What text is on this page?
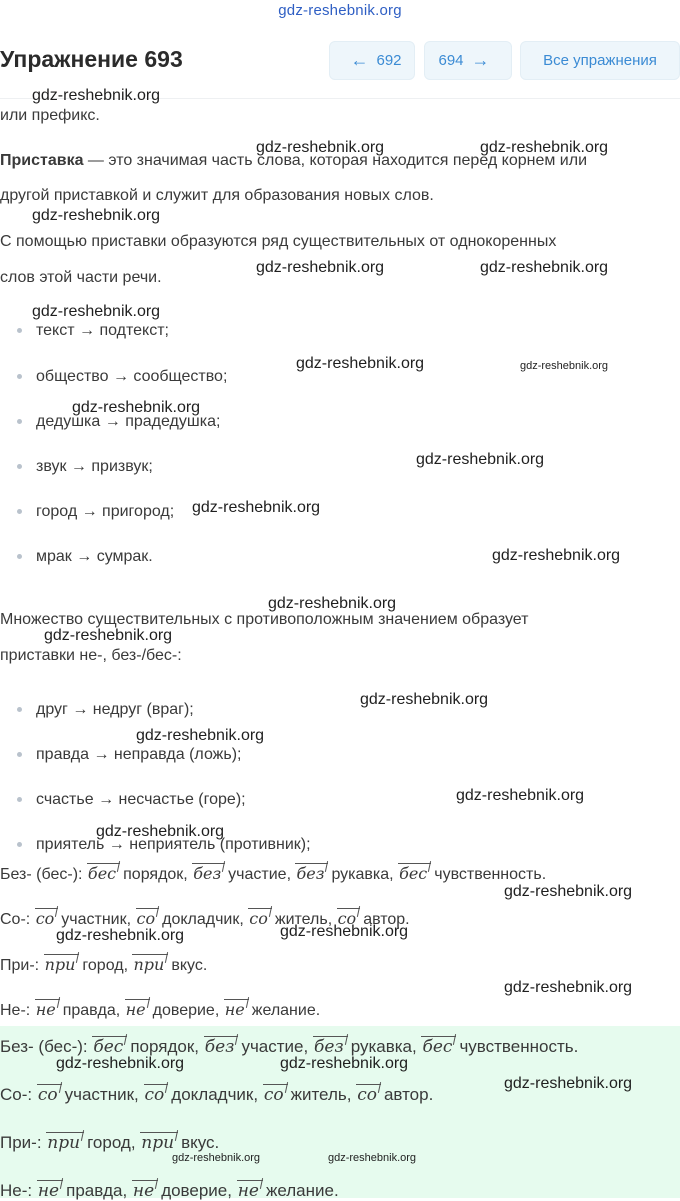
gdz-reshebnik.org
Упражнение 693	← 692 694 →	Все упражнения
или префикс.
Приставка — это значимая часть слова, которая находится перед корнем или
другой приставкой и служит для образования новых слов.
С помощью приставки образуются ряд существительных от однокоренных
слов этой части речи.
текст → подтекст;
общество → сообщество;
дедушка → прадедушка;
звук → призвук;
город → пригород;
мрак → сумрак.
Множество существительных с противоположным значением образует
приставки не-, без-/бес-:
друг → недруг (враг);
правда → неправда (ложь);
счастье → несчастье (горе);
приятель → неприятель (противник);
Без- (бес-): бес порядок, без участие, без рукавка, бес чувственность.
Со-: со участник, со докладчик, со житель, со автор.
При-: при город, при вкус.
Не-: не правда, не доверие, не желание.
Без- (бес-): бес порядок, без участие, без рукавка, бес чувственность.
Со-: со участник, со докладчик, со житель, со автор.
При-: при город, при вкус.
Не-: не правда, не доверие, не желание.
gdz-reshebnik.org
gdz-reshebnik.org	gdz-reshebnik.org
gdz-reshebnik.org
gdz-reshebnik.org	gdz-reshebnik.org
gdz-reshebnik.org
gdz-reshebnik.org	gdz-reshebnik.org
gdz-reshebnik.org
gdz-reshebnik.org
gdz-reshebnik.org
gdz-reshebnik.org
gdz-reshebnik.org
gdz-reshebnik.org
gdz-reshebnik.org
gdz-reshebnik.org
gdz-reshebnik.org
gdz-reshebnik.org
gdz-reshebnik.org
gdz-reshebnik.org	gdz-reshebnik.org
gdz-reshebnik.org
gdz-reshebnik.org	gdz-reshebnik.org
gdz-reshebnik.org
gdz-reshebnik.org	gdz-reshebnik.org
